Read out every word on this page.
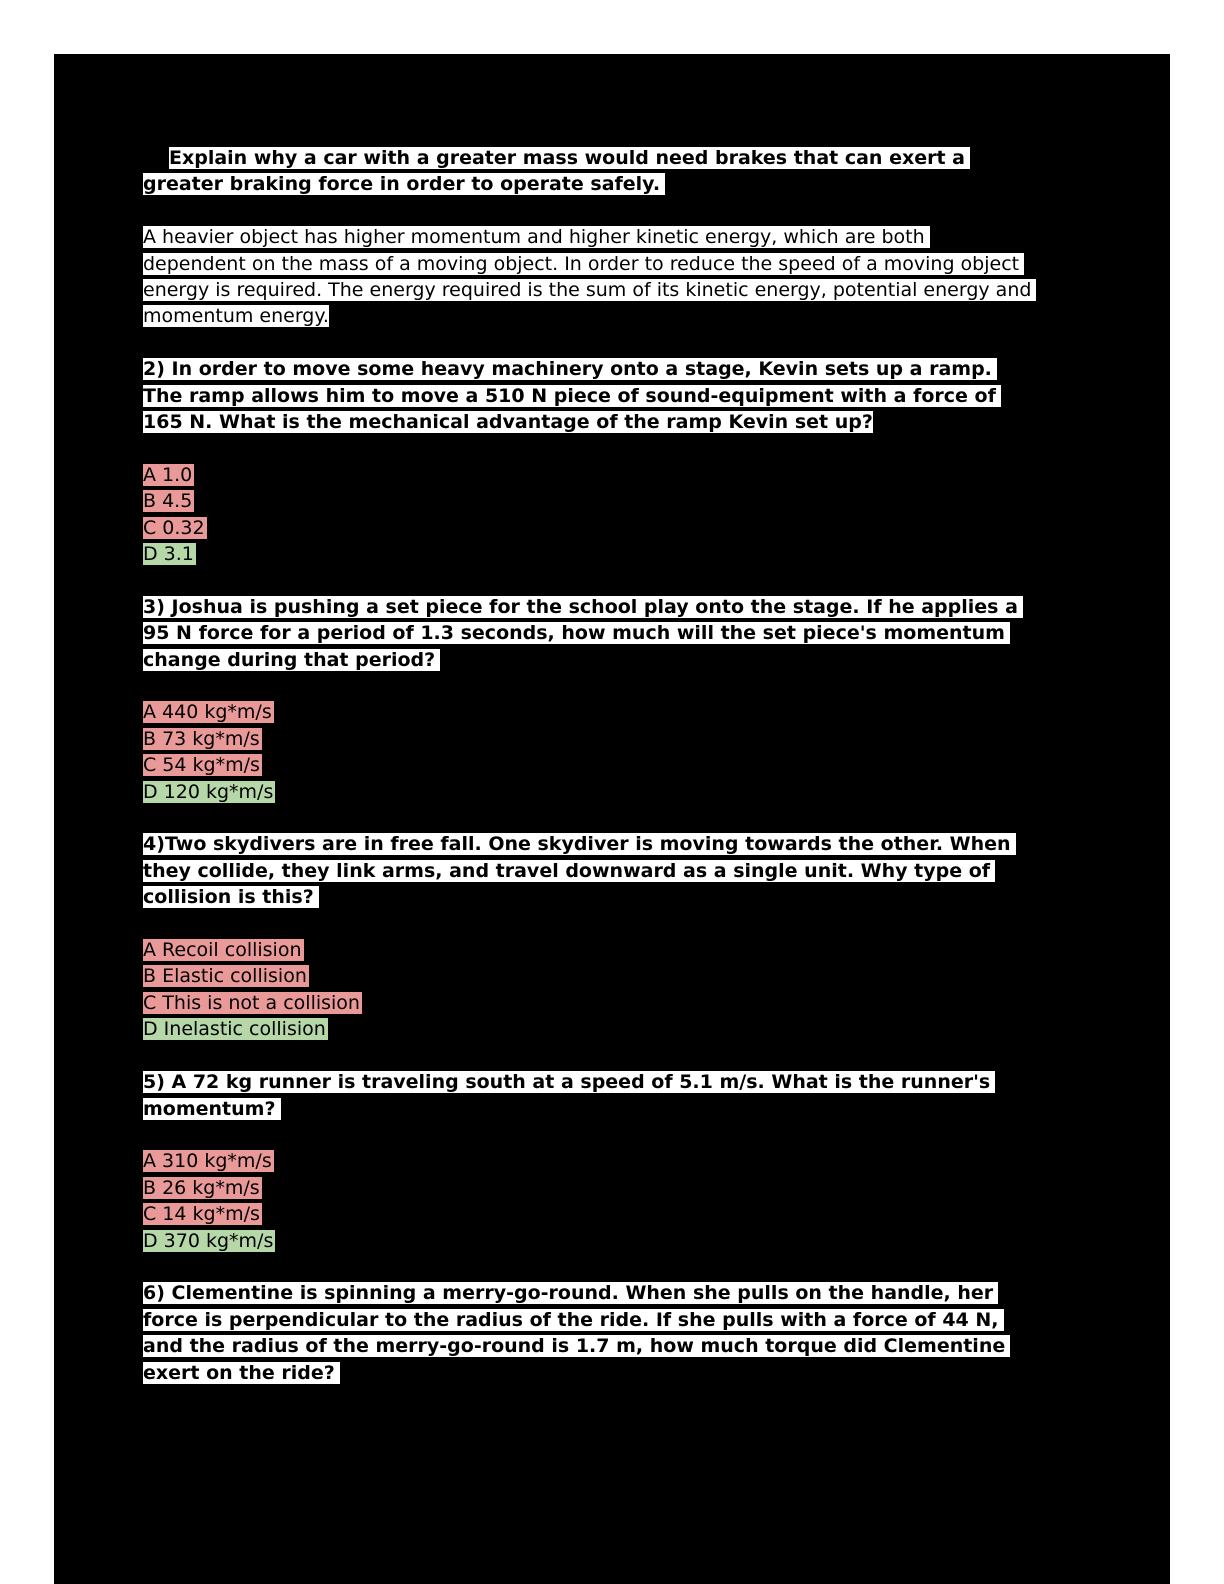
Explain why a car with a greater mass would need brakes that can exert a
greater braking force in order to operate safely.

A heavier object has higher momentum and higher kinetic energy, which are both
dependent on the mass of a moving object. In order to reduce the speed of a moving object
energy is required. The energy required is the sum of its kinetic energy, potential energy and
momentum energy.

2) In order to move some heavy machinery onto a stage, Kevin sets up a ramp.
The ramp allows him to move a 510 N piece of sound-equipment with a force of
165 N. What is the mechanical advantage of the ramp Kevin set up?

A 1.0
B 4.5
C 0.32
D 3.1

3) Joshua is pushing a set piece for the school play onto the stage. If he applies a
95 N force for a period of 1.3 seconds, how much will the set piece's momentum
change during that period?

A 440 kg*m/s
B 73 kg*m/s
C 54 kg*m/s
D 120 kg*m/s

4)Two skydivers are in free fall. One skydiver is moving towards the other. When
they collide, they link arms, and travel downward as a single unit. Why type of
collision is this?

A Recoil collision
B Elastic collision
C This is not a collision
D Inelastic collision

5) A 72 kg runner is traveling south at a speed of 5.1 m/s. What is the runner's
momentum?

A 310 kg*m/s
B 26 kg*m/s
C 14 kg*m/s
D 370 kg*m/s

6) Clementine is spinning a merry-go-round. When she pulls on the handle, her
force is perpendicular to the radius of the ride. If she pulls with a force of 44 N,
and the radius of the merry-go-round is 1.7 m, how much torque did Clementine
exert on the ride?
